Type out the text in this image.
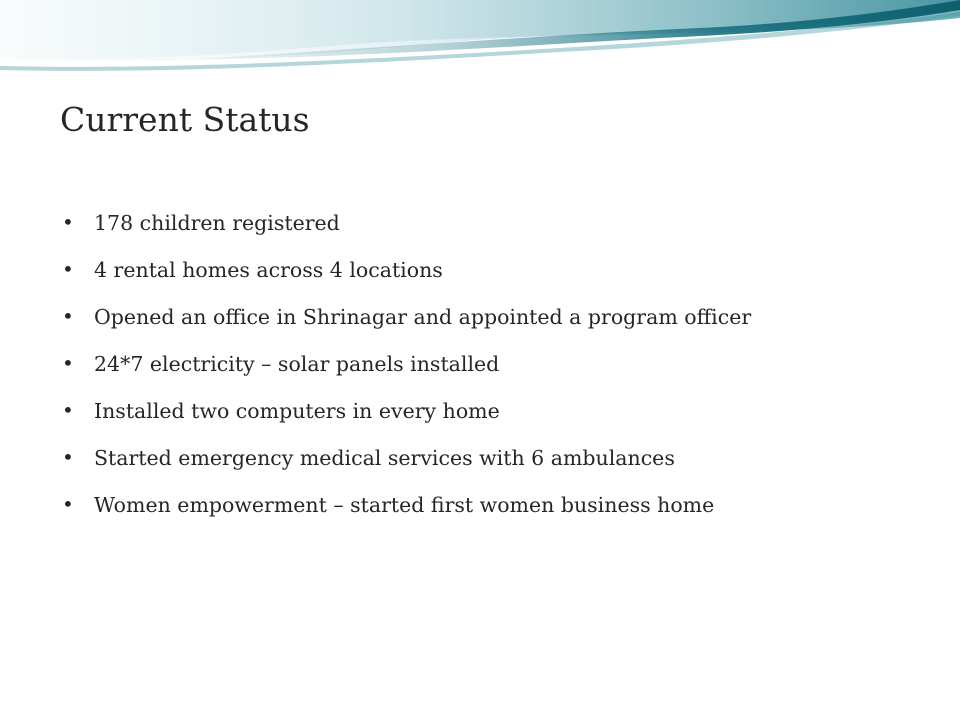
Current Status
• 178 children registered
• 4 rental homes across 4 locations
• Opened an office in Shrinagar and appointed a program officer
• 24*7 electricity – solar panels installed
• Installed two computers in every home
• Started emergency medical services with 6 ambulances
• Women empowerment – started first women business home
